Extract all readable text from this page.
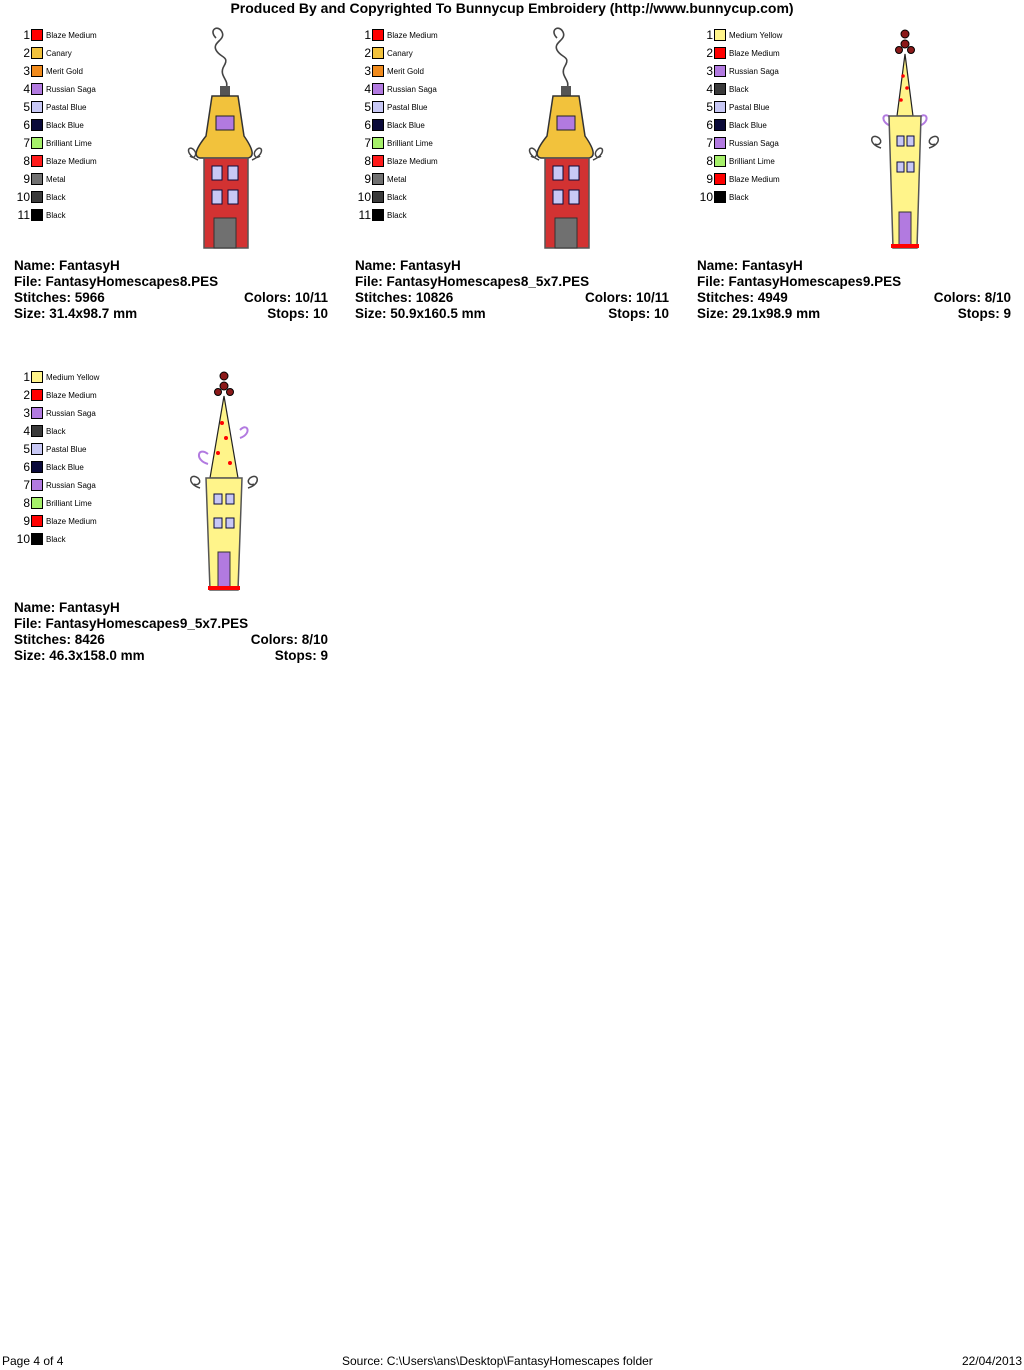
Produced By and Copyrighted To Bunnycup Embroidery (http://www.bunnycup.com)
1 Blaze Medium
2 Canary
3 Merit Gold
4 Russian Saga
5 Pastal Blue
6 Black Blue
7 Brilliant Lime
8 Blaze Medium
9 Metal
10 Black
11 Black
Name: FantasyH
File: FantasyHomescapes8.PES
Stitches: 5966	Colors: 10/11
Size: 31.4x98.7 mm	Stops: 10
1 Blaze Medium
2 Canary
3 Merit Gold
4 Russian Saga
5 Pastal Blue
6 Black Blue
7 Brilliant Lime
8 Blaze Medium
9 Metal
10 Black
11 Black
Name: FantasyH
File: FantasyHomescapes8_5x7.PES
Stitches: 10826	Colors: 10/11
Size: 50.9x160.5 mm	Stops: 10
1 Medium Yellow
2 Blaze Medium
3 Russian Saga
4 Black
5 Pastal Blue
6 Black Blue
7 Russian Saga
8 Brilliant Lime
9 Blaze Medium
10 Black
Name: FantasyH
File: FantasyHomescapes9.PES
Stitches: 4949	Colors: 8/10
Size: 29.1x98.9 mm	Stops: 9
1 Medium Yellow
2 Blaze Medium
3 Russian Saga
4 Black
5 Pastal Blue
6 Black Blue
7 Russian Saga
8 Brilliant Lime
9 Blaze Medium
10 Black
Name: FantasyH
File: FantasyHomescapes9_5x7.PES
Stitches: 8426	Colors: 8/10
Size: 46.3x158.0 mm	Stops: 9
Page 4 of 4	Source: C:\Users\ans\Desktop\FantasyHomescapes folder	22/04/2013
